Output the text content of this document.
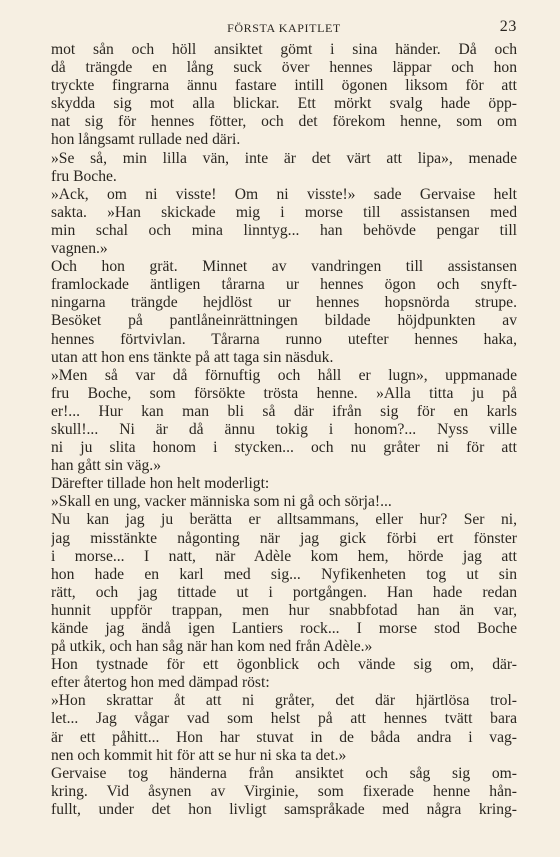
FÖRSTA KAPITLET	23
mot sån och höll ansiktet gömt i sina händer. Då och
då trängde en lång suck över hennes läppar och hon
tryckte fingrarna ännu fastare intill ögonen liksom för att
skydda sig mot alla blickar. Ett mörkt svalg hade öpp-
nat sig för hennes fötter, och det förekom henne, som om
hon långsamt rullade ned däri.
»Se så, min lilla vän, inte är det värt att lipa», menade
fru Boche.
»Ack, om ni visste! Om ni visste!» sade Gervaise helt
sakta. »Han skickade mig i morse till assistansen med
min schal och mina linntyg... han behövde pengar till
vagnen.»
Och hon grät. Minnet av vandringen till assistansen
framlockade äntligen tårarna ur hennes ögon och snyft-
ningarna trängde hejdlöst ur hennes hopsnörda strupe.
Besöket på pantlåneinrättningen bildade höjdpunkten av
hennes förtvivlan. Tårarna runno utefter hennes haka,
utan att hon ens tänkte på att taga sin näsduk.
»Men så var då förnuftig och håll er lugn», uppmanade
fru Boche, som försökte trösta henne. »Alla titta ju på
er!... Hur kan man bli så där ifrån sig för en karls
skull!... Ni är då ännu tokig i honom?... Nyss ville
ni ju slita honom i stycken... och nu gråter ni för att
han gått sin väg.»
Därefter tillade hon helt moderligt:
»Skall en ung, vacker människa som ni gå och sörja!...
Nu kan jag ju berätta er alltsammans, eller hur? Ser ni,
jag misstänkte någonting när jag gick förbi ert fönster
i morse... I natt, när Adèle kom hem, hörde jag att
hon hade en karl med sig... Nyfikenheten tog ut sin
rätt, och jag tittade ut i portgången. Han hade redan
hunnit uppför trappan, men hur snabbfotad han än var,
kände jag ändå igen Lantiers rock... I morse stod Boche
på utkik, och han såg när han kom ned från Adèle.»
Hon tystnade för ett ögonblick och vände sig om, där-
efter återtog hon med dämpad röst:
»Hon skrattar åt att ni gråter, det där hjärtlösa trol-
let... Jag vågar vad som helst på att hennes tvätt bara
är ett påhitt... Hon har stuvat in de båda andra i vag-
nen och kommit hit för att se hur ni ska ta det.»
Gervaise tog händerna från ansiktet och såg sig om-
kring. Vid åsynen av Virginie, som fixerade henne hån-
fullt, under det hon livligt samspråkade med några kring-
